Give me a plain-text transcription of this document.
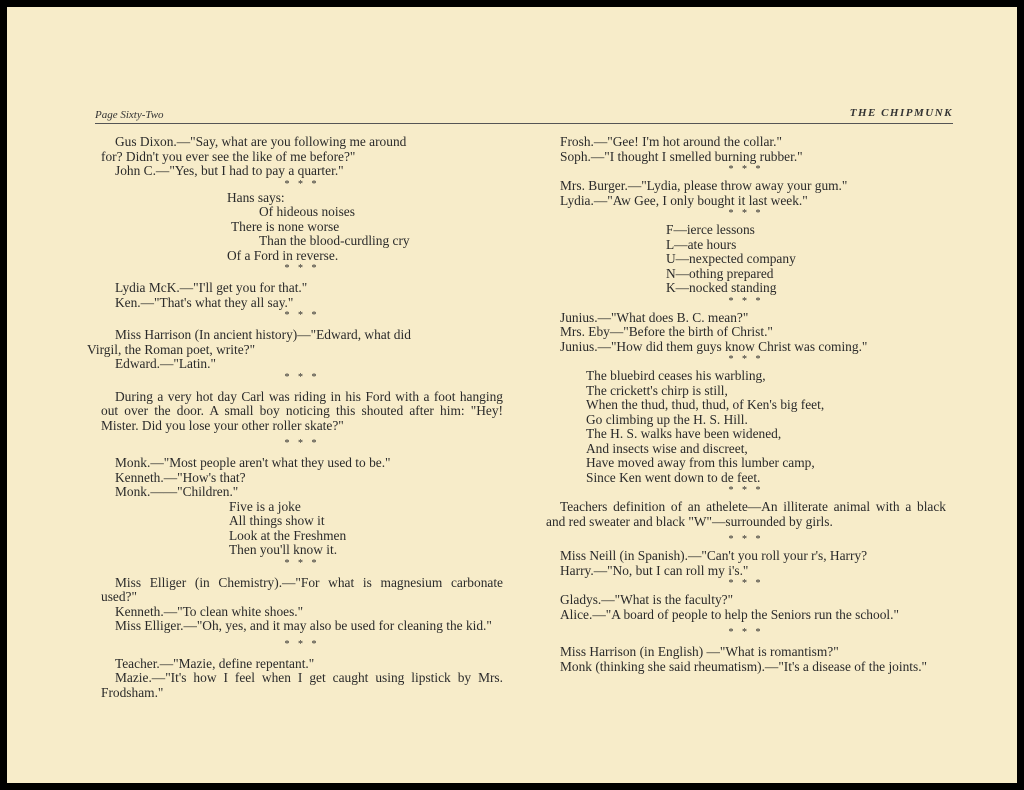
Page Sixty-Two	THE CHIPMUNK

Gus Dixon.—"Say, what are you following me around
for? Didn't you ever see the like of me before?"

John C.—"Yes, but I had to pay a quarter."

* * *
Hans says:
Of hideous noises
There is none worse
Than the blood-curdling cry
Of a Ford in reverse.
* * *

Lydia McK.—"I'll get you for that."

Ken.—"That's what they all say."

* * *

Miss Harrison (In ancient history)—"Edward, what did
Virgil, the Roman poet, write?"

Edward.—"Latin."

* * *

During a very hot day Carl was riding in his Ford with a foot hanging out over the door. A small boy noticing this shouted after him: "Hey! Mister. Did you lose your other roller skate?"

* * *

Monk.—"Most people aren't what they used to be."

Kenneth.—"How's that?

Monk.——"Children."

Five is a joke
All things show it
Look at the Freshmen
Then you'll know it.
* * *

Miss Elliger (in Chemistry).—"For what is magnesium carbonate used?"

Kenneth.—"To clean white shoes."

Miss Elliger.—"Oh, yes, and it may also be used for cleaning the kid."

* * *

Teacher.—"Mazie, define repentant."

Mazie.—"It's how I feel when I get caught using lipstick by Mrs. Frodsham."

Frosh.—"Gee! I'm hot around the collar."

Soph.—"I thought I smelled burning rubber."

* * *

Mrs. Burger.—"Lydia, please throw away your gum."

Lydia.—"Aw Gee, I only bought it last week."

* * *
F—ierce lessons
L—ate hours
U—nexpected company
N—othing prepared
K—nocked standing
* * *

Junius.—"What does B. C. mean?"

Mrs. Eby—"Before the birth of Christ."

Junius.—"How did them guys know Christ was coming."

* * *
The bluebird ceases his warbling,
The crickett's chirp is still,
When the thud, thud, thud, of Ken's big feet,
Go climbing up the H. S. Hill.
The H. S. walks have been widened,
And insects wise and discreet,
Have moved away from this lumber camp,
Since Ken went down to de feet.
* * *

Teachers definition of an athelete—An illiterate animal with a black and red sweater and black "W"—surrounded by girls.

* * *

Miss Neill (in Spanish).—"Can't you roll your r's, Harry?

Harry.—"No, but I can roll my i's."

* * *

Gladys.—"What is the faculty?"

Alice.—"A board of people to help the Seniors run the school."

* * *

Miss Harrison (in English) —"What is romantism?"

Monk (thinking she said rheumatism).—"It's a disease of the joints."
